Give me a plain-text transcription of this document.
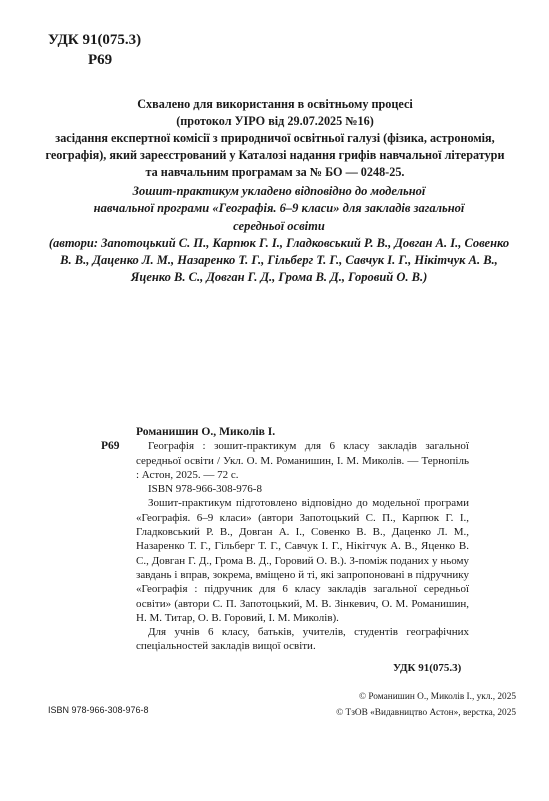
УДК 91(075.3)
Р69
Схвалено для використання в освітньому процесі
(протокол УІРО від 29.07.2025 №16)
засідання експертної комісії з природничої освітньої галузі (фізика, астрономія, географія), який зареєстрований у Каталозі надання грифів навчальної літератури та навчальним програмам за № БО — 0248-25.
Зошит-практикум укладено відповідно до модельної
навчальної програми «Географія. 6–9 класи» для закладів загальної
середньої освіти
(автори: Запотоцький С. П., Карпюк Г. І., Гладковський Р. В., Довган А. І., Совенко В. В., Даценко Л. М., Назаренко Т. Г., Гільберг Т. Г., Савчук І. Г., Нікітчук А. В., Яценко В. С., Довган Г. Д., Грома В. Д., Горовий О. В.)
Р69

Романишин О., Миколів І.

Географія : зошит-практикум для 6 класу закладів загальної середньої освіти / Укл. О. М. Романишин, І. М. Миколів. — Тернопіль : Астон, 2025. — 72 с.

ISBN 978-966-308-976-8

Зошит-практикум підготовлено відповідно до модельної програми «Географія. 6–9 класи» (автори Запотоцький С. П., Карпюк Г. І., Гладковський Р. В., Довган А. І., Совенко В. В., Даценко Л. М., Назаренко Т. Г., Гільберг Т. Г., Савчук І. Г., Нікітчук А. В., Яценко В. С., Довган Г. Д., Грома В. Д., Горовий О. В.). З-поміж поданих у ньому завдань і вправ, зокрема, вміщено й ті, які запропоновані в підручнику «Географія : підручник для 6 класу закладів загальної середньої освіти» (автори С. П. Запотоцький, М. В. Зінкевич, О. М. Романишин, Н. М. Титар, О. В. Горовий, І. М. Миколів).

Для учнів 6 класу, батьків, учителів, студентів географічних спеціальностей закладів вищої освіти.

УДК 91(075.3)
ISBN 978-966-308-976-8
© Романишин О., Миколів І., укл., 2025
© ТзОВ «Видавництво Астон», верстка, 2025
